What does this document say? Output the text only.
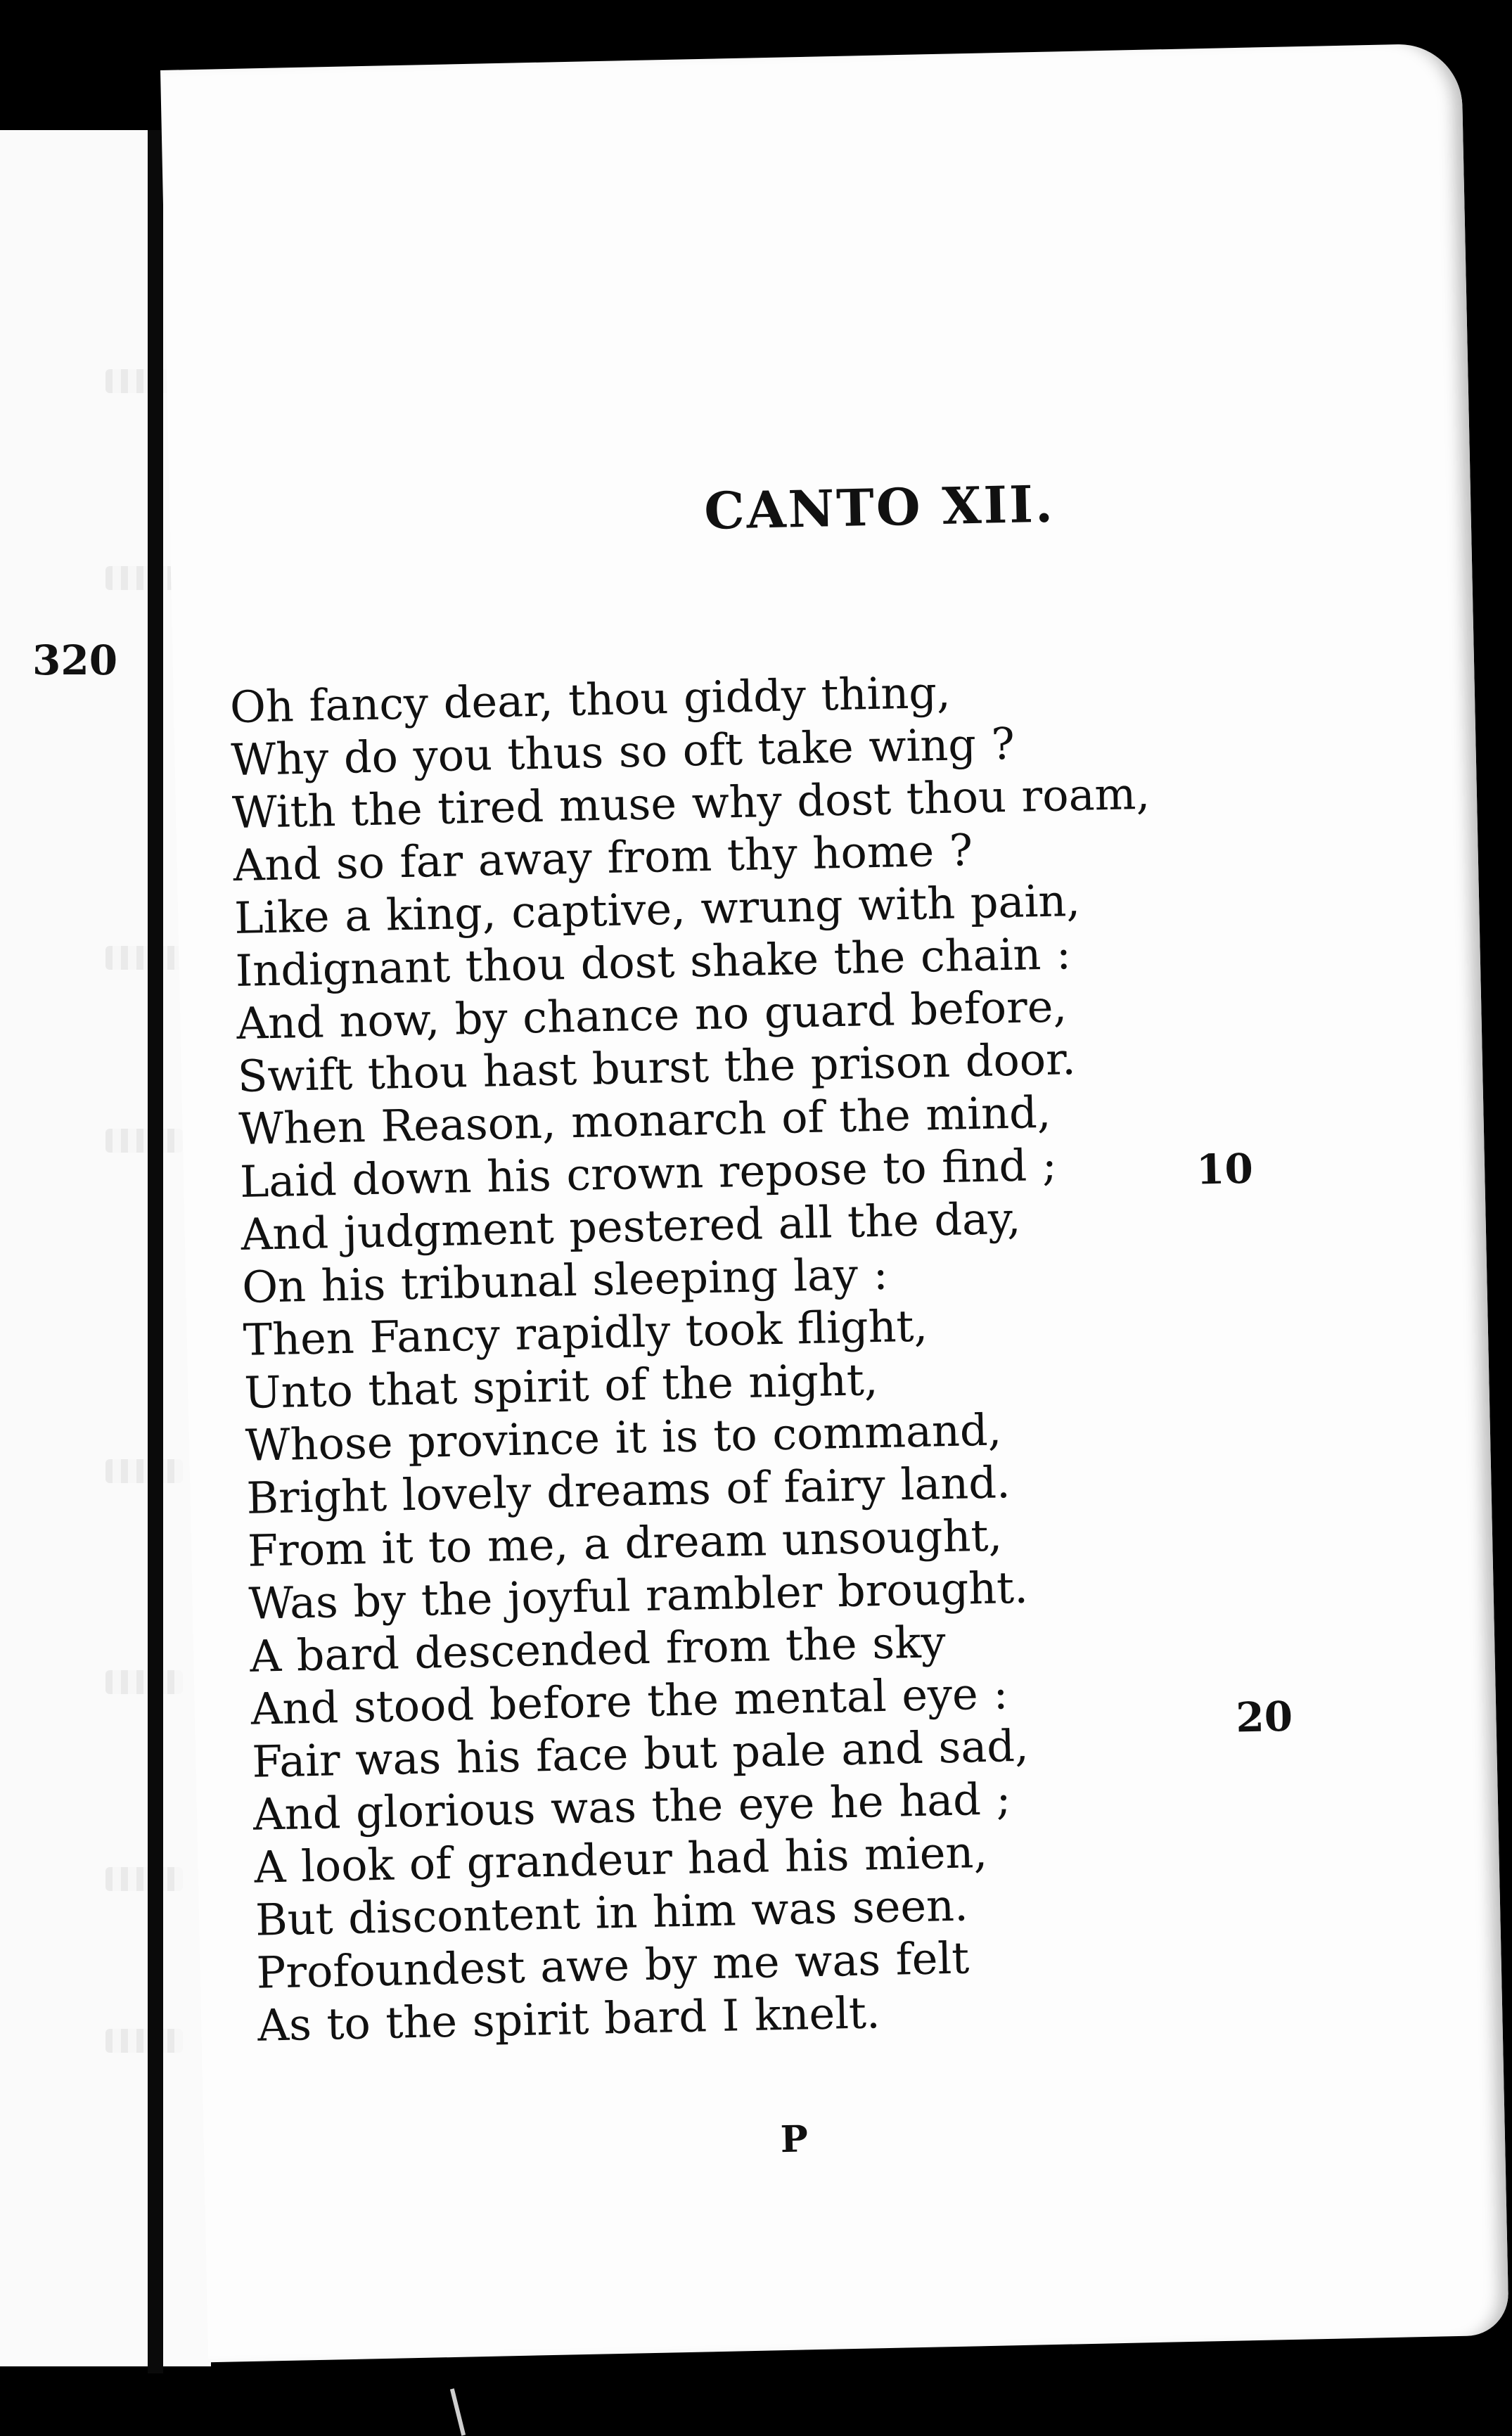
320
CANTO XII.
Oh fancy dear, thou giddy thing,
Why do you thus so oft take wing ?
With the tired muse why dost thou roam,
And so far away from thy home ?
Like a king, captive, wrung with pain,
Indignant thou dost shake the chain :
And now, by chance no guard before,
Swift thou hast burst the prison door.
When Reason, monarch of the mind,
Laid down his crown repose to find ;
And judgment pestered all the day,
On his tribunal sleeping lay :
Then Fancy rapidly took flight,
Unto that spirit of the night,
Whose province it is to command,
Bright lovely dreams of fairy land.
From it to me, a dream unsought,
Was by the joyful rambler brought.
A bard descended from the sky
And stood before the mental eye :
Fair was his face but pale and sad,
And glorious was the eye he had ;
A look of grandeur had his mien,
But discontent in him was seen.
Profoundest awe by me was felt
As to the spirit bard I knelt.
10
20
P
